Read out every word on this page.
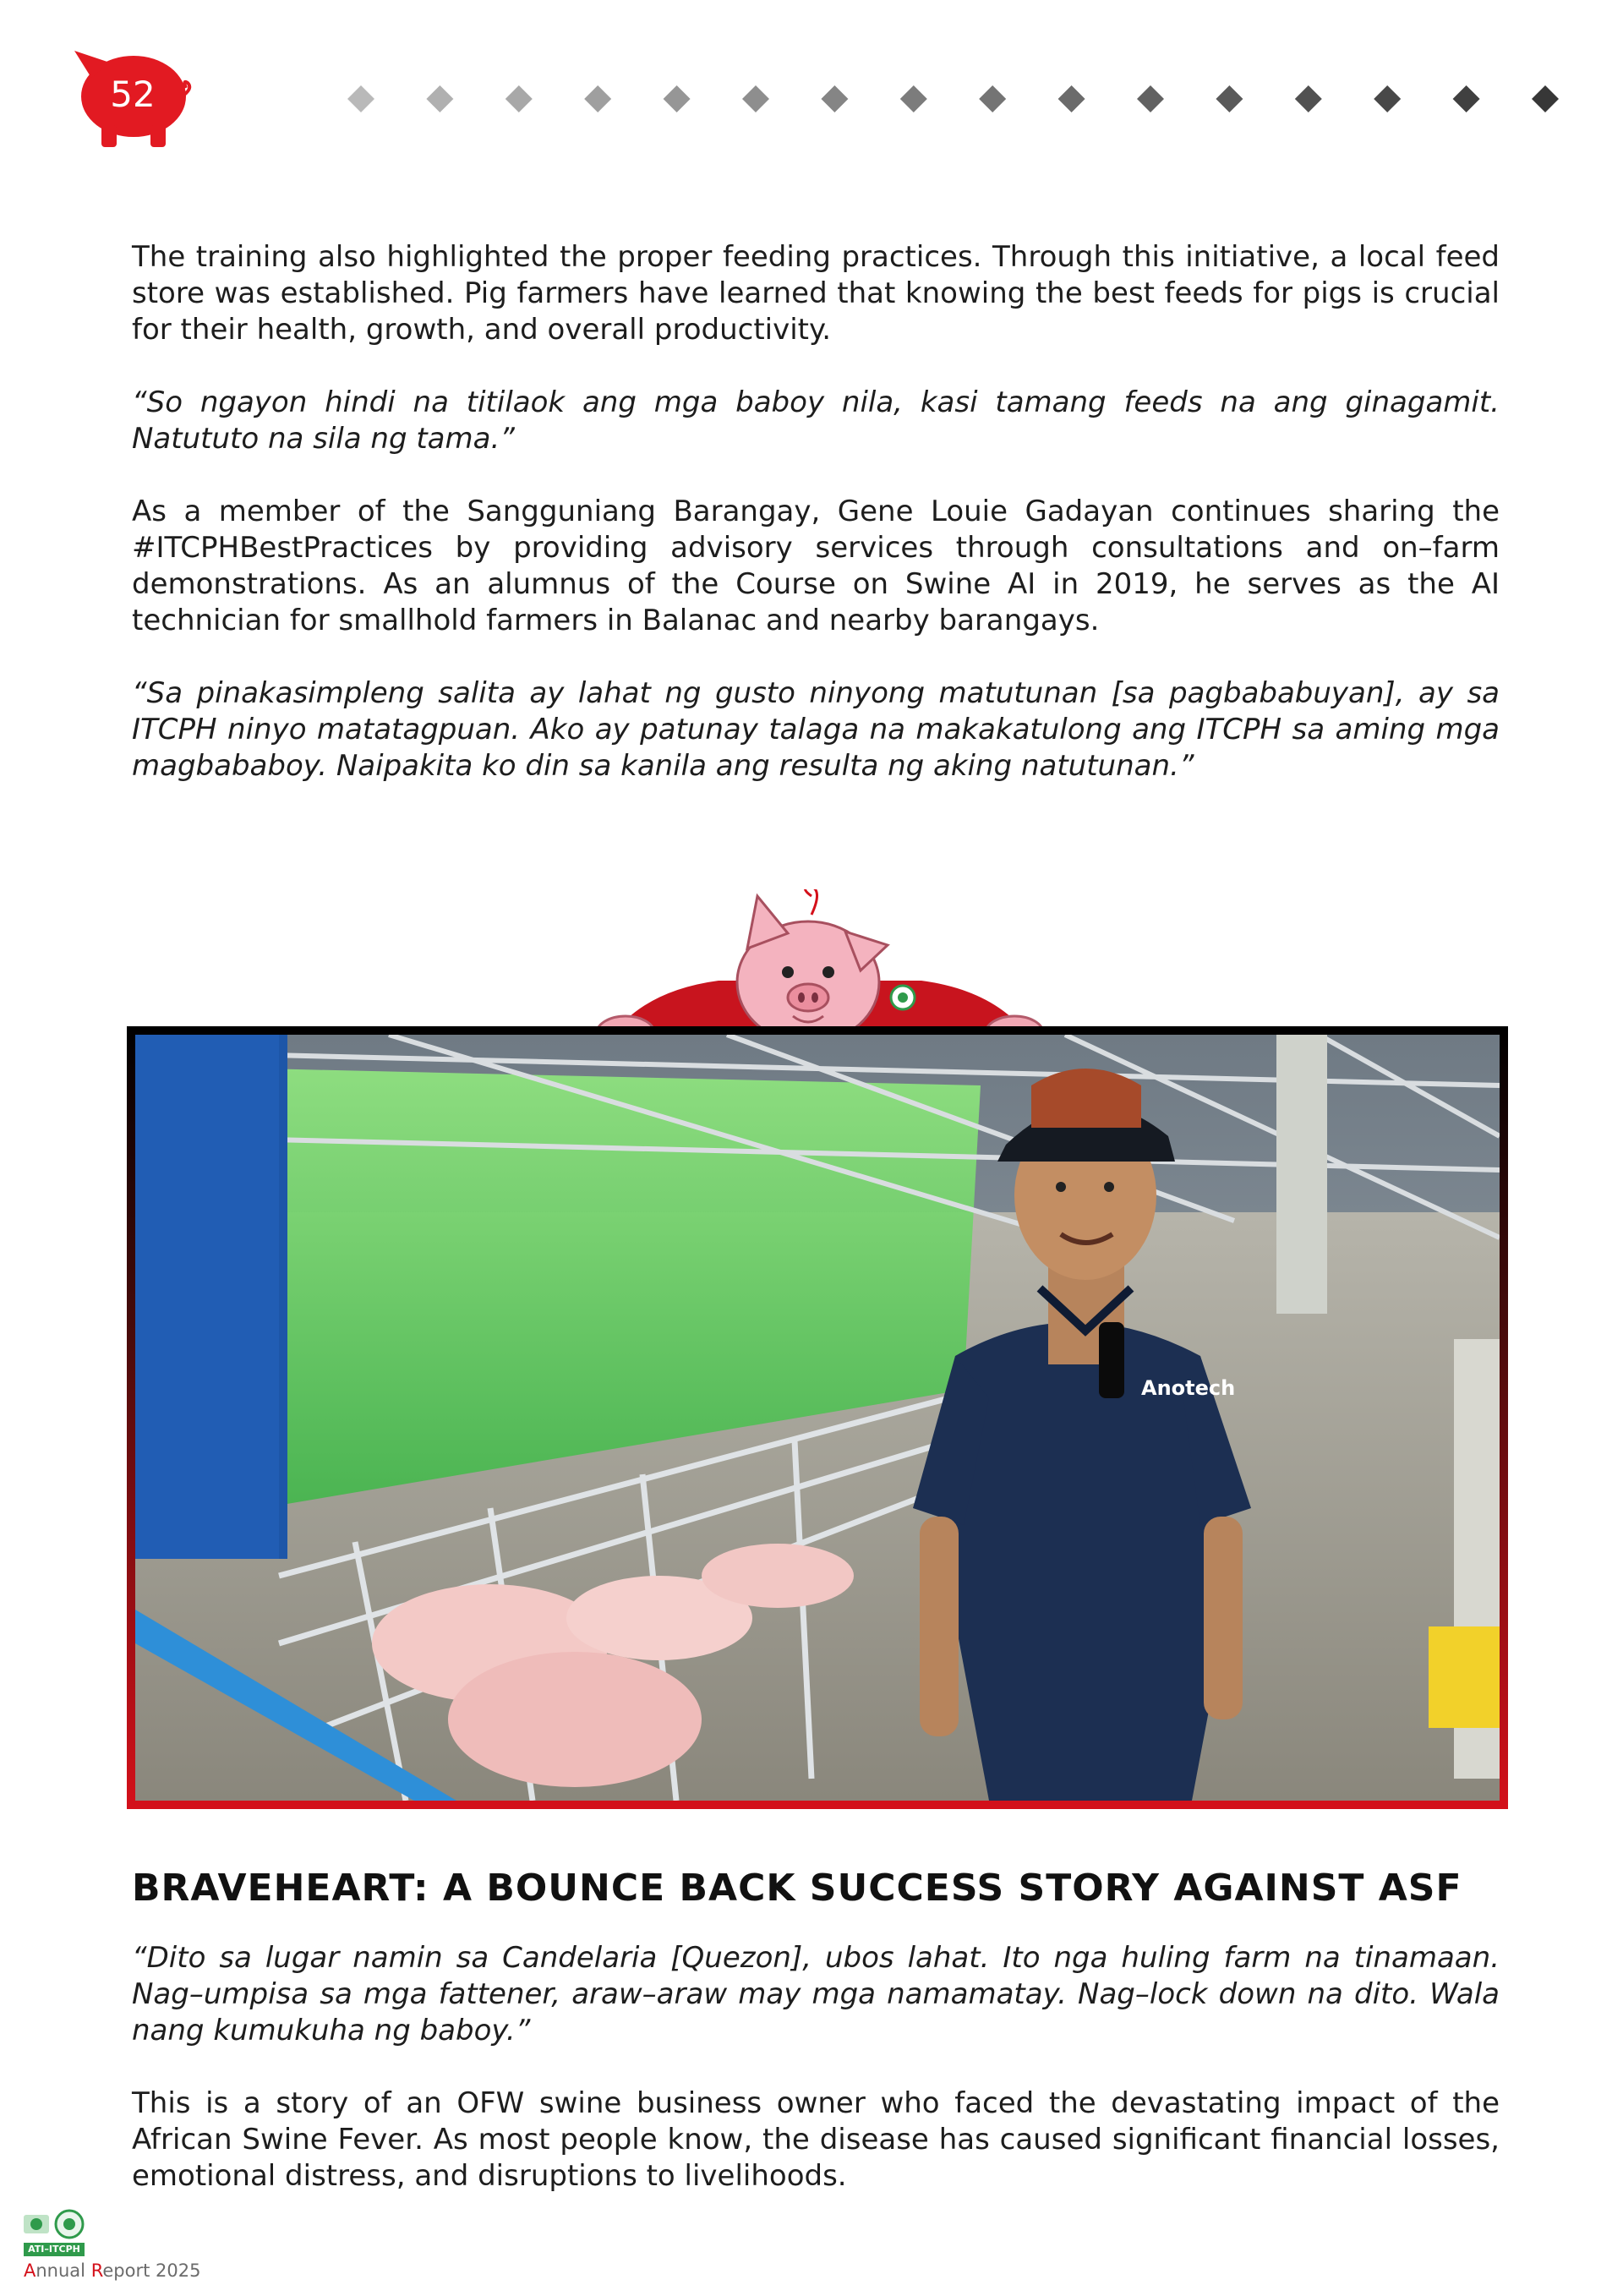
52

The training also highlighted the proper feeding practices. Through this initiative, a local feed store was established. Pig farmers have learned that knowing the best feeds for pigs is crucial for their health, growth, and overall productivity.

“So ngayon hindi na titilaok ang mga baboy nila, kasi tamang feeds na ang ginagamit. Natututo na sila ng tama.”

As a member of the Sangguniang Barangay, Gene Louie Gadayan continues sharing the #ITCPHBestPractices by providing advisory services through consultations and on–farm demonstrations. As an alumnus of the Course on Swine AI in 2019, he serves as the AI technician for smallhold farmers in Balanac and nearby barangays.

“Sa pinakasimpleng salita ay lahat ng gusto ninyong matutunan [sa pagbababuyan], ay sa ITCPH ninyo matatagpuan. Ako ay patunay talaga na makakatulong ang ITCPH sa aming mga magbababoy. Naipakita ko din sa kanila ang resulta ng aking natutunan.”

Anotech
BRAVEHEART: A BOUNCE BACK SUCCESS STORY AGAINST ASF

“Dito sa lugar namin sa Candelaria [Quezon], ubos lahat. Ito nga huling farm na tinamaan. Nag–umpisa sa mga fattener, araw–araw may mga namamatay. Nag–lock down na dito. Wala nang kumukuha ng baboy.”

This is a story of an OFW swine business owner who faced the devastating impact of the African Swine Fever. As most people know, the disease has caused significant financial losses, emotional distress, and disruptions to livelihoods.

ATI–ITCPH
Annual Report 2025
